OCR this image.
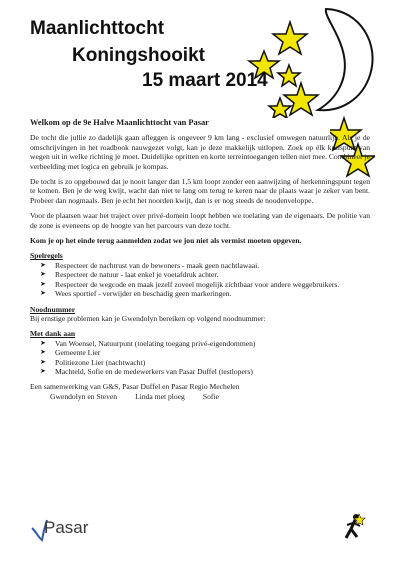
Maanlichttocht
Koningshooikt
15 maart 2014
Welkom op de 9e Halve Maanlichttocht van Pasar

De tocht die jullie zo dadelijk gaan afleggen is ongeveer 9 km lang - exclusief omwegen natuurlijk. Als je de omschrijvingen in het roadbook nauwgezet volgt, kan je deze makkelijk uitlopen. Zoek op élk kruispunt van wegen uit in welke richting je moet. Duidelijke opritten en korte terreintoegangen tellen niet mee. Combineer je verbeelding met logica en gebruik je kompas.

De tocht is zo opgebouwd dat je nooit langer dan 1,5 km loopt zonder een aanwijzing of herkenningspunt tegen te komen. Ben je de weg kwijt, wacht dan niet te lang om terug te keren naar de plaats waar je zeker van bent. Probeer dan nogmaals. Ben je echt het noorden kwijt, dan is er nog steeds de noodenveloppe.

Voor de plaatsen waar het traject over privé-domein loopt hebben we toelating van de eigenaars. De politie van de zone is eveneens op de hoogte van het parcours van deze tocht.

Kom je op het einde terug aanmelden zodat we jou niet als vermist moeten opgeven.

Spelregels
➤ Respecteer de nachtrust van de bewoners - maak geen nachtlawaai.
➤ Respecteer de natuur - laat enkel je voetafdruk achter.
➤ Respecteer de wegcode en maak jezelf zoveel mogelijk zichtbaar voor andere weggebruikers.
➤ Wees sportief - verwijder en beschadig geen markeringen.
Noodnummer

Bij ernstige problemen kan je Gwendolyn bereiken op volgend noodnummer:

Met dank aan
➤ Van Woensel, Natuurpunt (toelating toegang privé-eigendommen)
➤ Gemeente Lier
➤ Politiezone Lier (nachtwacht)
➤ Machteld, Sofie en de medewerkers van Pasar Duffel (testlopers)

Een samenwerking van G&S, Pasar Duffel en Pasar Regio Mechelen

Gwendolyn en Steven Linda met ploeg Sofie
Pasar
